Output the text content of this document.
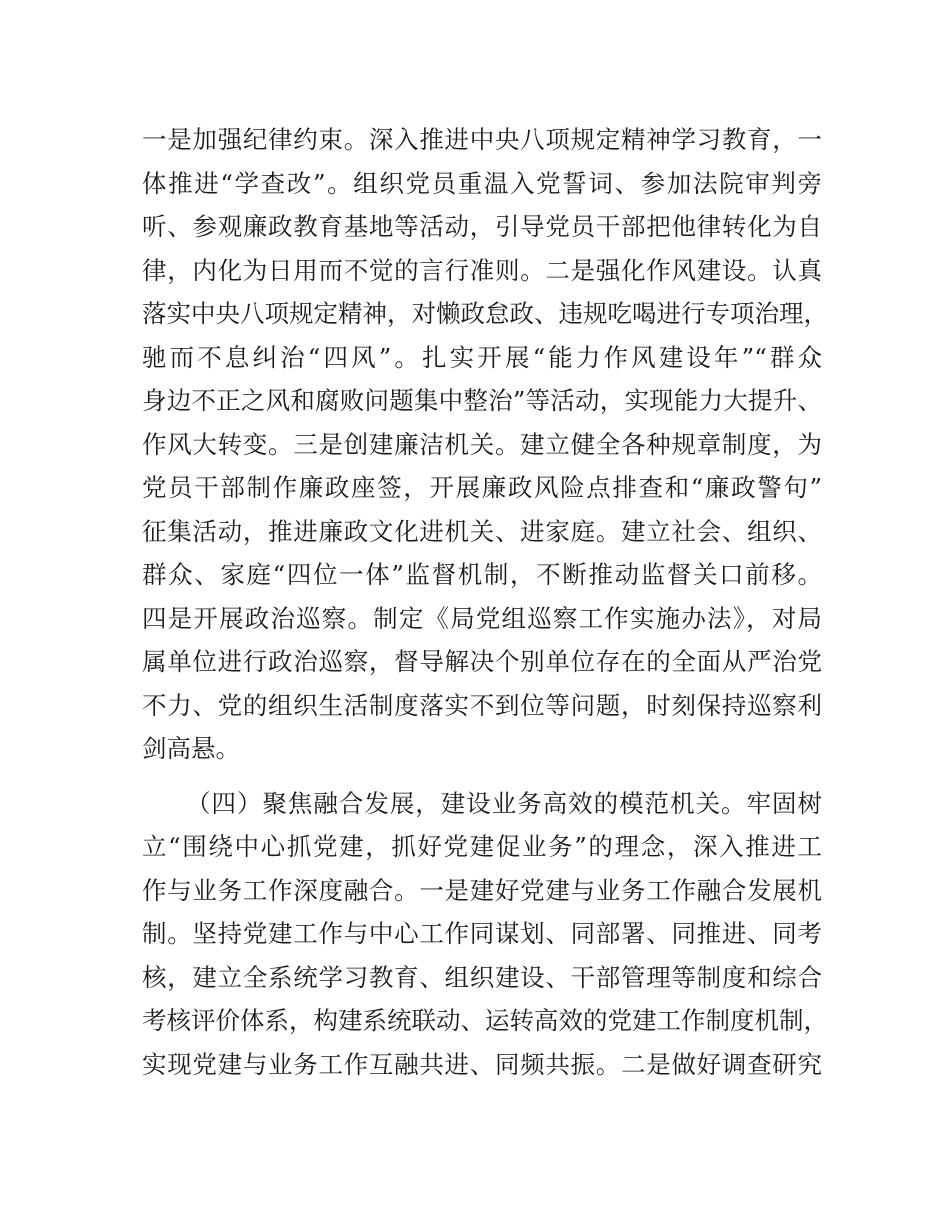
一是加强纪律约束。深入推进中央八项规定精神学习教育，一
体推进“学查改”。组织党员重温入党誓词、参加法院审判旁
听、参观廉政教育基地等活动，引导党员干部把他律转化为自
律，内化为日用而不觉的言行准则。二是强化作风建设。认真
落实中央八项规定精神，对懒政怠政、违规吃喝进行专项治理，
驰而不息纠治“四风”。扎实开展“能力作风建设年”“群众
身边不正之风和腐败问题集中整治”等活动，实现能力大提升、
作风大转变。三是创建廉洁机关。建立健全各种规章制度，为
党员干部制作廉政座签，开展廉政风险点排查和“廉政警句”
征集活动，推进廉政文化进机关、进家庭。建立社会、组织、
群众、家庭“四位一体”监督机制，不断推动监督关口前移。
四是开展政治巡察。制定《局党组巡察工作实施办法》，对局
属单位进行政治巡察，督导解决个别单位存在的全面从严治党
不力、党的组织生活制度落实不到位等问题，时刻保持巡察利
剑高悬。
（四）聚焦融合发展，建设业务高效的模范机关。牢固树
立“围绕中心抓党建，抓好党建促业务”的理念，深入推进工
作与业务工作深度融合。一是建好党建与业务工作融合发展机
制。坚持党建工作与中心工作同谋划、同部署、同推进、同考
核，建立全系统学习教育、组织建设、干部管理等制度和综合
考核评价体系，构建系统联动、运转高效的党建工作制度机制，
实现党建与业务工作互融共进、同频共振。二是做好调查研究
